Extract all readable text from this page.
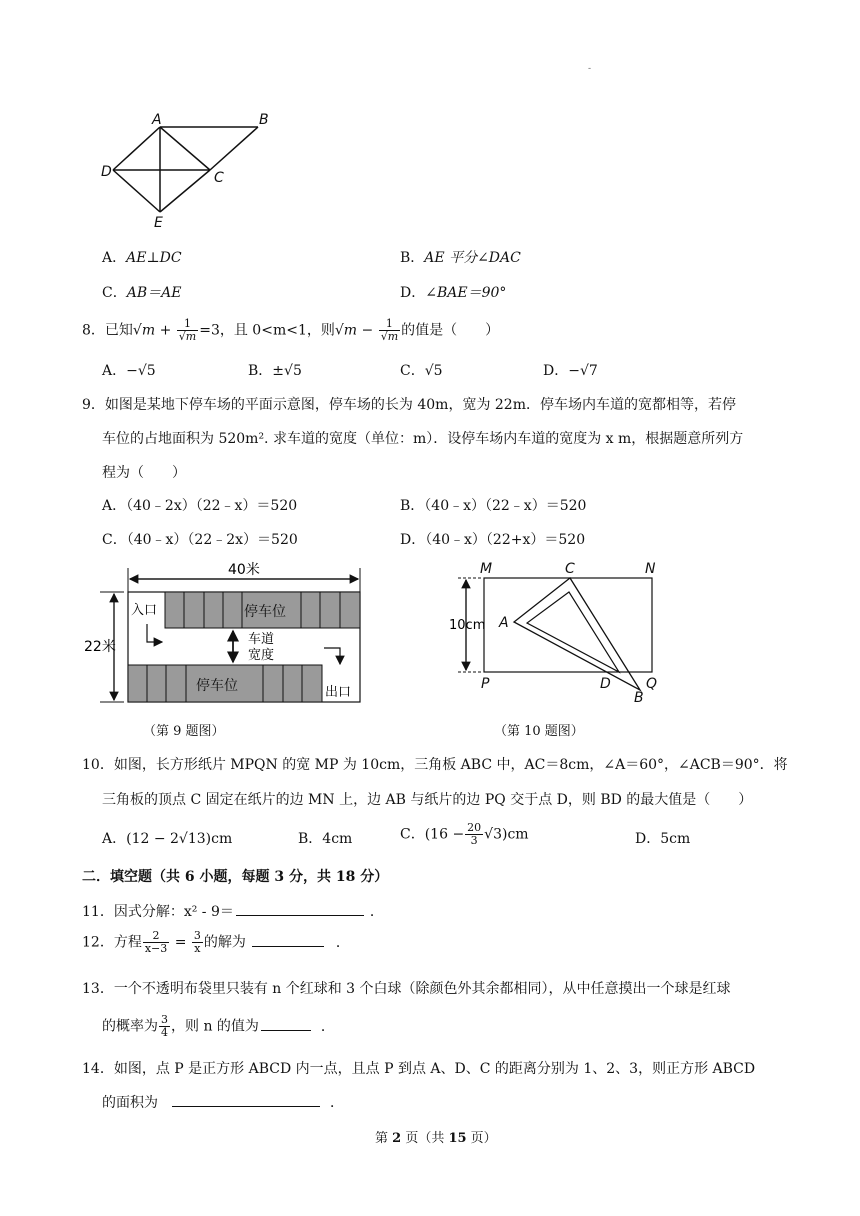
-
A	B
D	C
E
A．AE⊥DC	B．AE 平分∠DAC
C．AB＝AE	D．∠BAE＝90°
8．已知$√m + \frac{1}{√m} =3$，且 0<m<1，则$√m - \frac{1}{√m}$ 的值是（　　）
A．−√5	B．±√5	C．√5	D．−√7
9．如图是某地下停车场的平面示意图，停车场的长为 40m，宽为 22m．停车场内车道的宽都相等，若停
车位的占地面积为 520m². 求车道的宽度（单位：m）．设停车场内车道的宽度为 x m，根据题意所列方
程为（　　）
A．（40﹣2x）（22﹣x）＝520	B．（40﹣x）（22﹣x）＝520
C．（40﹣x）（22﹣2x）＝520	D．（40﹣x）（22+x）＝520
40米
22米
停车位
停车位
入口
出口
车道
宽度
（第 9 题图）
10cm
M	C	N
A
P	D	Q
B
（第 10 题图）
10．如图，长方形纸片 MPQN 的宽 MP 为 10cm，三角板 ABC 中，AC＝8cm，∠A＝60°，∠ACB＝90°．将
三角板的顶点 C 固定在纸片的边 MN 上，边 AB 与纸片的边 PQ 交于点 D，则 BD 的最大值是（　　）
A．(12 − 2√13)cm	B．4cm	C．$(16 - \frac{20}{3} √3)cm$	D．5cm
二．填空题（共 6 小题，每题 3 分，共 18 分）
11．因式分解：x² - 9＝	．
12．方程 $\frac{2}{x-3} = \frac{3}{x}$ 的解为	．
13．一个不透明布袋里只装有 n 个红球和 3 个白球（除颜色外其余都相同），从中任意摸出一个球是红球
的概率为 $\frac{3}{4}$ ，则 n 的值为	．
14．如图，点 P 是正方形 ABCD 内一点，且点 P 到点 A、D、C 的距离分别为 1、2、3，则正方形 ABCD
的面积为	．
第 2 页（共 15 页）
